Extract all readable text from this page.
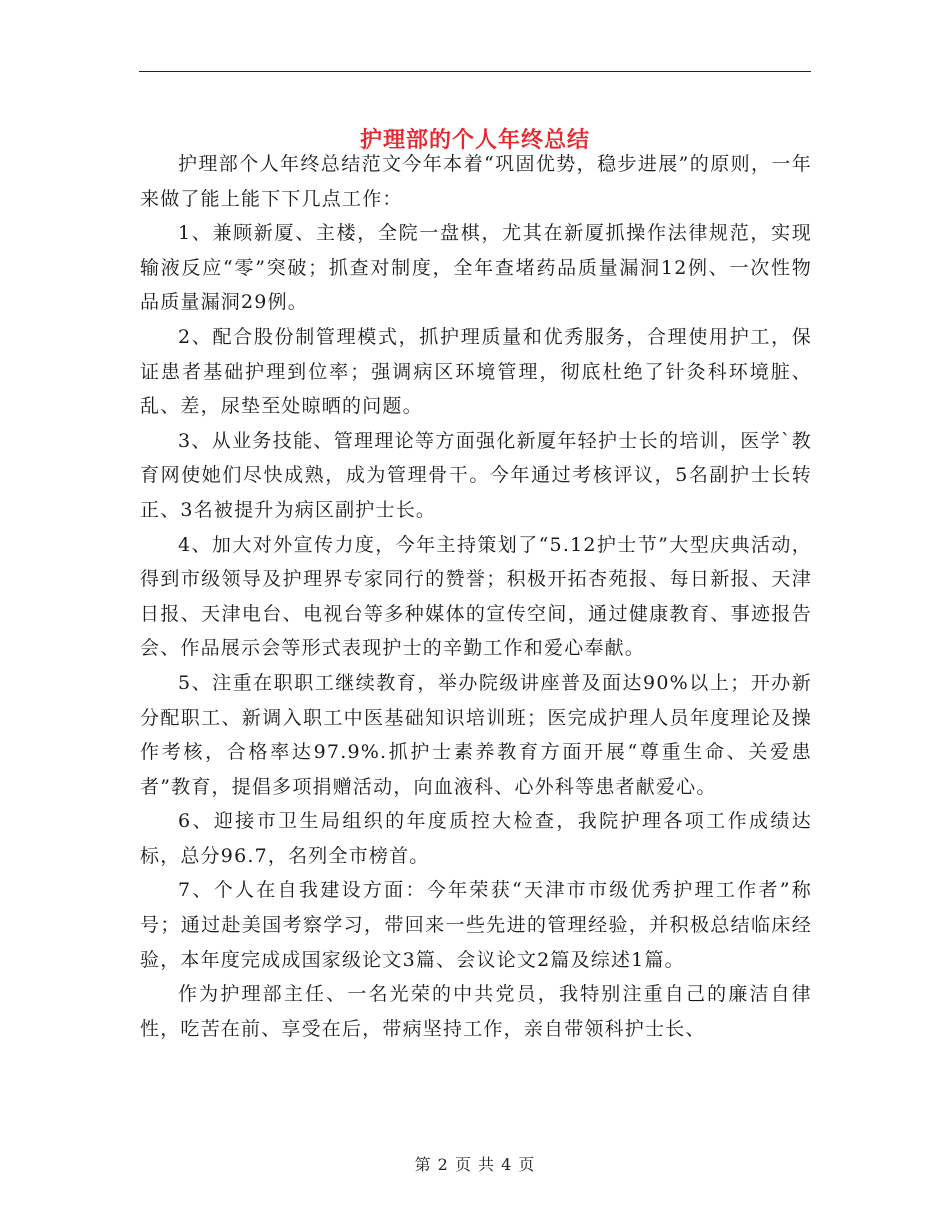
护理部的个人年终总结

护理部个人年终总结范文今年本着“巩固优势，稳步进展”的原则，一年来做了能上能下下几点工作：

1、兼顾新厦、主楼，全院一盘棋，尤其在新厦抓操作法律规范，实现输液反应“零”突破；抓查对制度，全年查堵药品质量漏洞12例、一次性物品质量漏洞29例。

2、配合股份制管理模式，抓护理质量和优秀服务，合理使用护工，保证患者基础护理到位率；强调病区环境管理，彻底杜绝了针灸科环境脏、乱、差，尿垫至处晾晒的问题。

3、从业务技能、管理理论等方面强化新厦年轻护士长的培训，医学`教育网使她们尽快成熟，成为管理骨干。今年通过考核评议，5名副护士长转正、3名被提升为病区副护士长。

4、加大对外宣传力度，今年主持策划了“5.12护士节”大型庆典活动，得到市级领导及护理界专家同行的赞誉；积极开拓杏苑报、每日新报、天津日报、天津电台、电视台等多种媒体的宣传空间，通过健康教育、事迹报告会、作品展示会等形式表现护士的辛勤工作和爱心奉献。

5、注重在职职工继续教育，举办院级讲座普及面达90%以上；开办新分配职工、新调入职工中医基础知识培训班；医完成护理人员年度理论及操作考核，合格率达97.9%.抓护士素养教育方面开展“尊重生命、关爱患者”教育，提倡多项捐赠活动，向血液科、心外科等患者献爱心。

6、迎接市卫生局组织的年度质控大检查，我院护理各项工作成绩达标，总分96.7，名列全市榜首。

7、个人在自我建设方面：今年荣获“天津市市级优秀护理工作者”称号；通过赴美国考察学习，带回来一些先进的管理经验，并积极总结临床经验，本年度完成成国家级论文3篇、会议论文2篇及综述1篇。

作为护理部主任、一名光荣的中共党员，我特别注重自己的廉洁自律性，吃苦在前、享受在后，带病坚持工作，亲自带领科护士长、

第 2 页 共 4 页
